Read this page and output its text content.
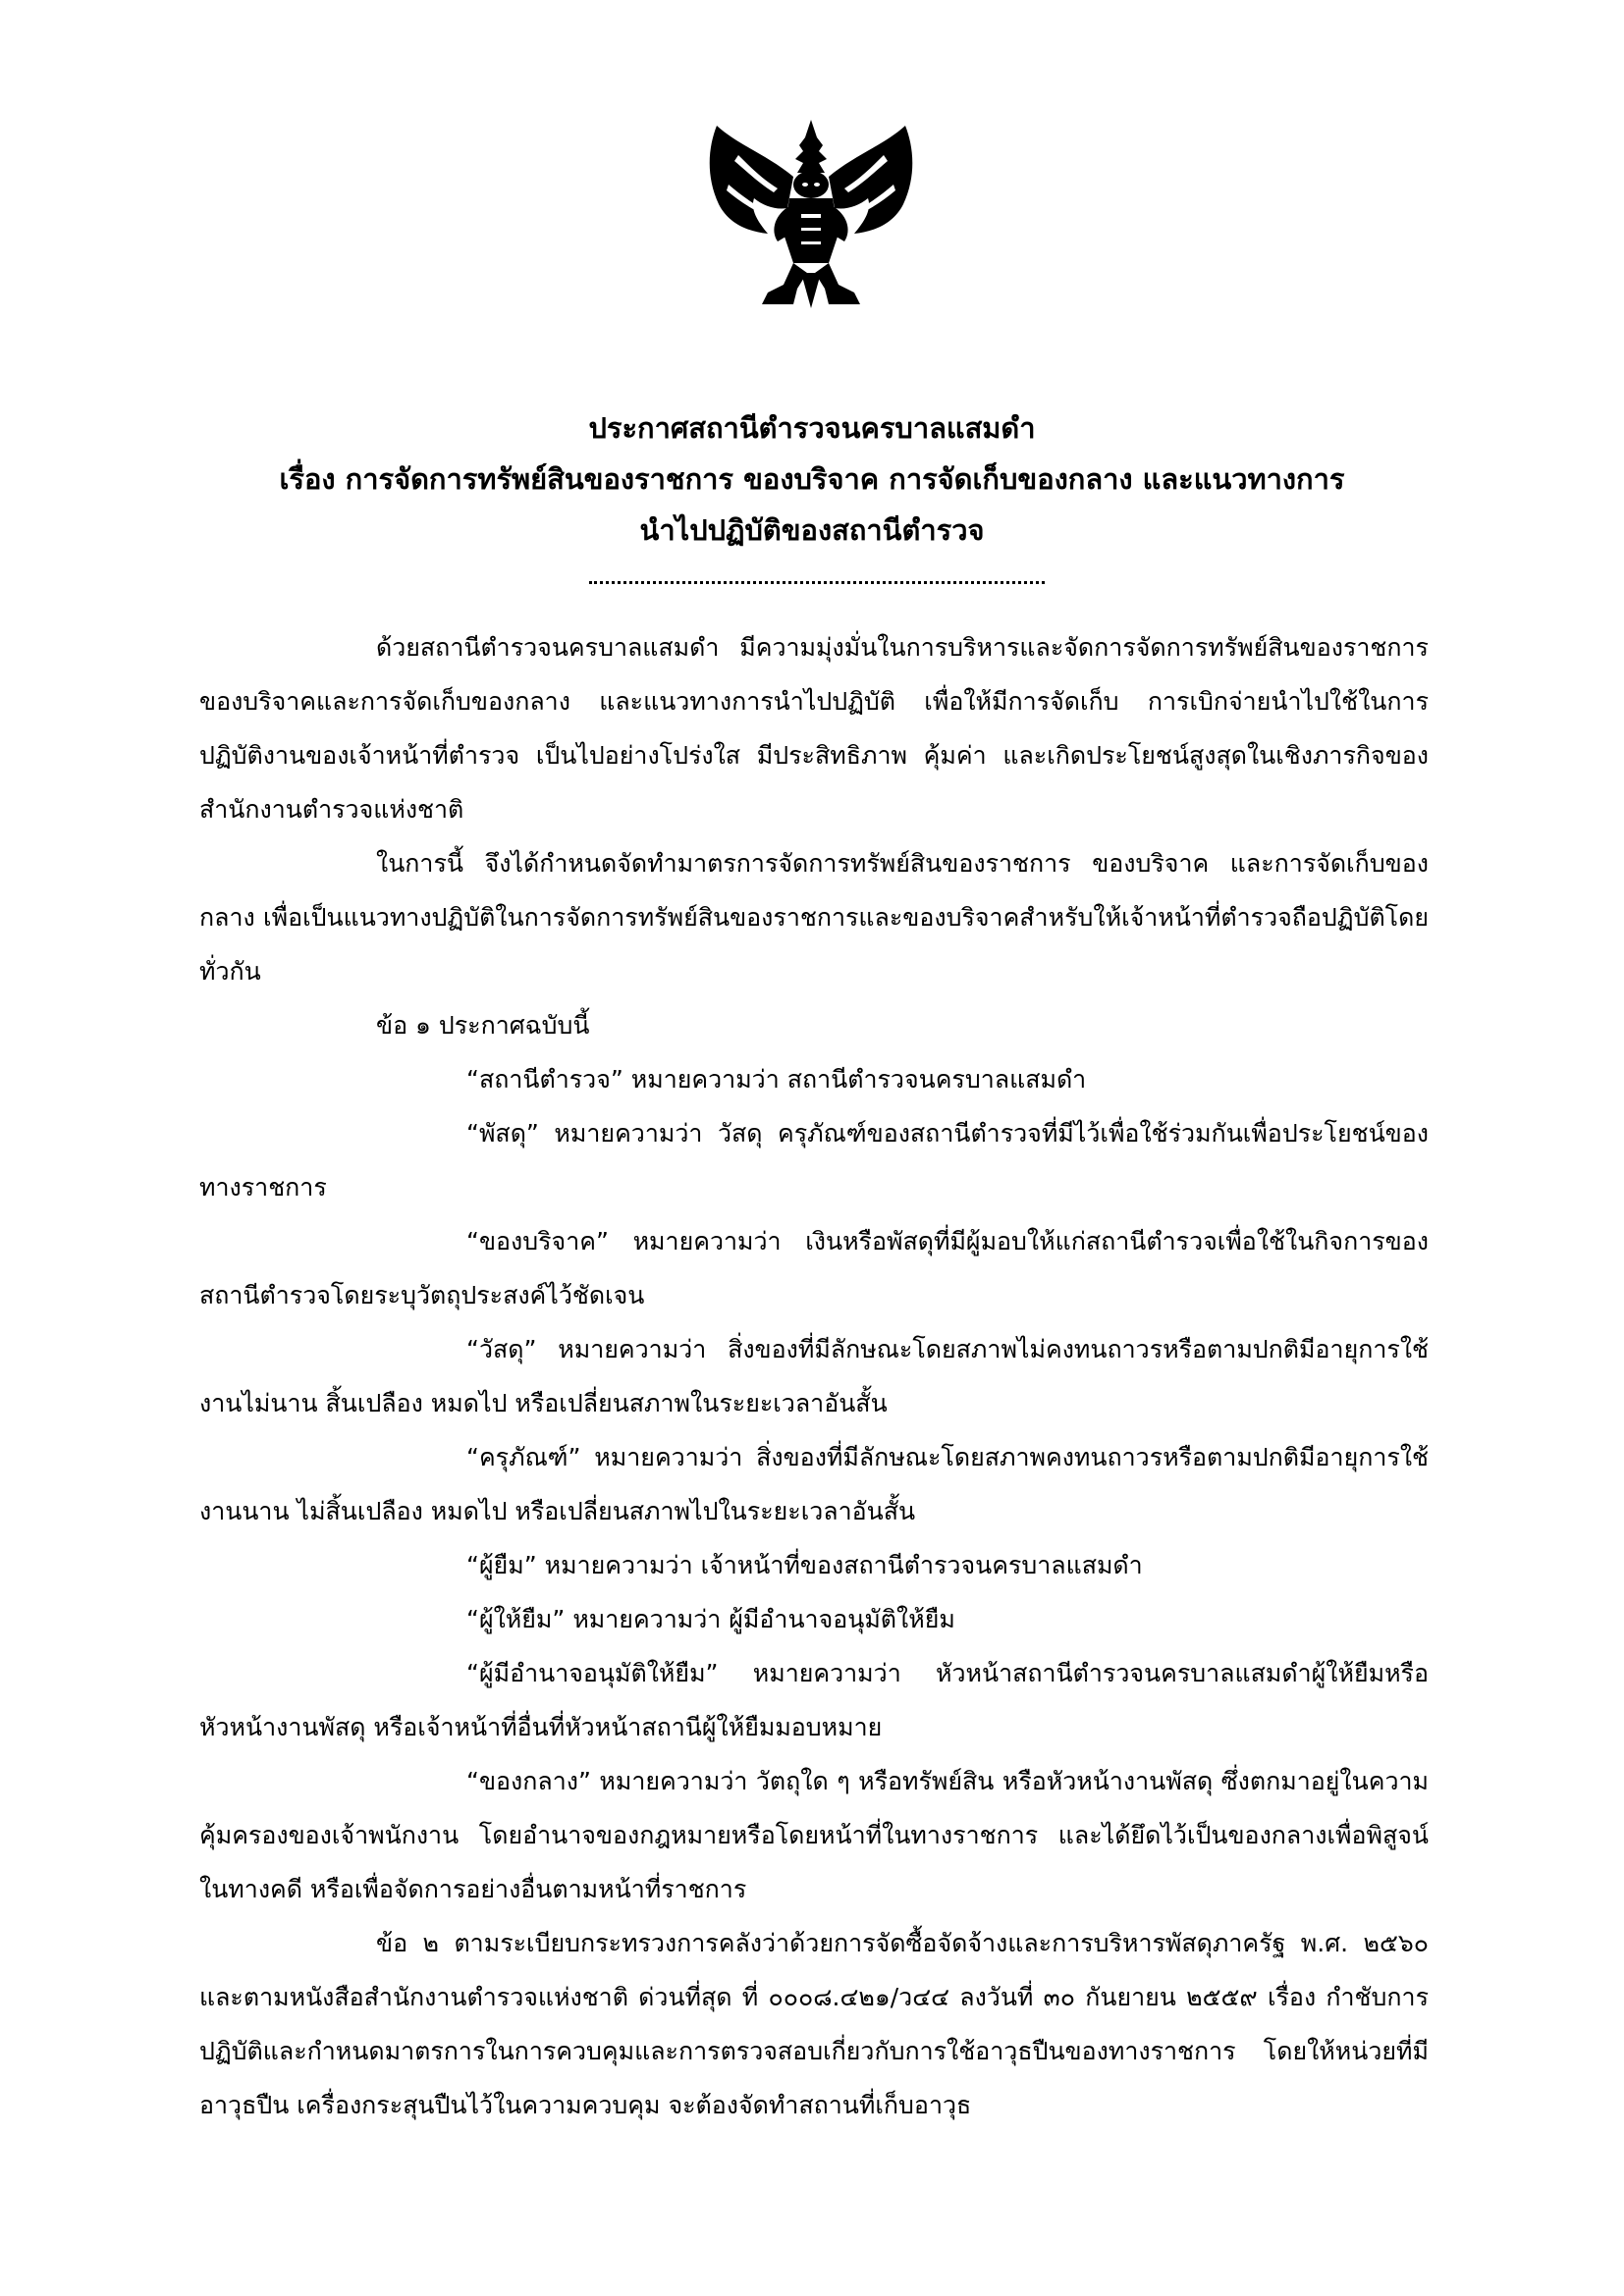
ประกาศสถานีตำรวจนครบาลแสมดำ
เรื่อง การจัดการทรัพย์สินของราชการ ของบริจาค การจัดเก็บของกลาง และแนวทางการ
นำไปปฏิบัติของสถานีตำรวจ

ด้วยสถานีตำรวจนครบาลแสมดำ มีความมุ่งมั่นในการบริหารและจัดการจัดการทรัพย์สินของราชการ ของบริจาคและการจัดเก็บของกลาง และแนวทางการนำไปปฏิบัติ เพื่อให้มีการจัดเก็บ การเบิกจ่ายนำไปใช้ในการปฏิบัติงานของเจ้าหน้าที่ตำรวจ เป็นไปอย่างโปร่งใส มีประสิทธิภาพ คุ้มค่า และเกิดประโยชน์สูงสุดในเชิงภารกิจของสำนักงานตำรวจแห่งชาติ

ในการนี้ จึงได้กำหนดจัดทำมาตรการจัดการทรัพย์สินของราชการ ของบริจาค และการจัดเก็บของกลาง เพื่อเป็นแนวทางปฏิบัติในการจัดการทรัพย์สินของราชการและของบริจาคสำหรับให้เจ้าหน้าที่ตำรวจถือปฏิบัติโดยทั่วกัน

ข้อ ๑ ประกาศฉบับนี้

“สถานีตำรวจ” หมายความว่า สถานีตำรวจนครบาลแสมดำ

“พัสดุ” หมายความว่า วัสดุ ครุภัณฑ์ของสถานีตำรวจที่มีไว้เพื่อใช้ร่วมกันเพื่อประโยชน์ของทางราชการ

“ของบริจาค” หมายความว่า เงินหรือพัสดุที่มีผู้มอบให้แก่สถานีตำรวจเพื่อใช้ในกิจการของสถานีตำรวจโดยระบุวัตถุประสงค์ไว้ชัดเจน

“วัสดุ” หมายความว่า สิ่งของที่มีลักษณะโดยสภาพไม่คงทนถาวรหรือตามปกติมีอายุการใช้งานไม่นาน สิ้นเปลือง หมดไป หรือเปลี่ยนสภาพในระยะเวลาอันสั้น

“ครุภัณฑ์” หมายความว่า สิ่งของที่มีลักษณะโดยสภาพคงทนถาวรหรือตามปกติมีอายุการใช้งานนาน ไม่สิ้นเปลือง หมดไป หรือเปลี่ยนสภาพไปในระยะเวลาอันสั้น

“ผู้ยืม” หมายความว่า เจ้าหน้าที่ของสถานีตำรวจนครบาลแสมดำ

“ผู้ให้ยืม” หมายความว่า ผู้มีอำนาจอนุมัติให้ยืม

“ผู้มีอำนาจอนุมัติให้ยืม” หมายความว่า หัวหน้าสถานีตำรวจนครบาลแสมดำผู้ให้ยืมหรือหัวหน้างานพัสดุ หรือเจ้าหน้าที่อื่นที่หัวหน้าสถานีผู้ให้ยืมมอบหมาย

“ของกลาง” หมายความว่า วัตถุใด ๆ หรือทรัพย์สิน หรือหัวหน้างานพัสดุ ซึ่งตกมาอยู่ในความคุ้มครองของเจ้าพนักงาน โดยอำนาจของกฎหมายหรือโดยหน้าที่ในทางราชการ และได้ยึดไว้เป็นของกลางเพื่อพิสูจน์ในทางคดี หรือเพื่อจัดการอย่างอื่นตามหน้าที่ราชการ

ข้อ ๒ ตามระเบียบกระทรวงการคลังว่าด้วยการจัดซื้อจัดจ้างและการบริหารพัสดุภาครัฐ พ.ศ. ๒๕๖๐ และตามหนังสือสำนักงานตำรวจแห่งชาติ ด่วนที่สุด ที่ ๐๐๐๘.๔๒๑/ว๔๔ ลงวันที่ ๓๐ กันยายน ๒๕๕๙ เรื่อง กำชับการปฏิบัติและกำหนดมาตรการในการควบคุมและการตรวจสอบเกี่ยวกับการใช้อาวุธปืนของทางราชการ โดยให้หน่วยที่มีอาวุธปืน เครื่องกระสุนปืนไว้ในความควบคุม จะต้องจัดทำสถานที่เก็บอาวุธ
